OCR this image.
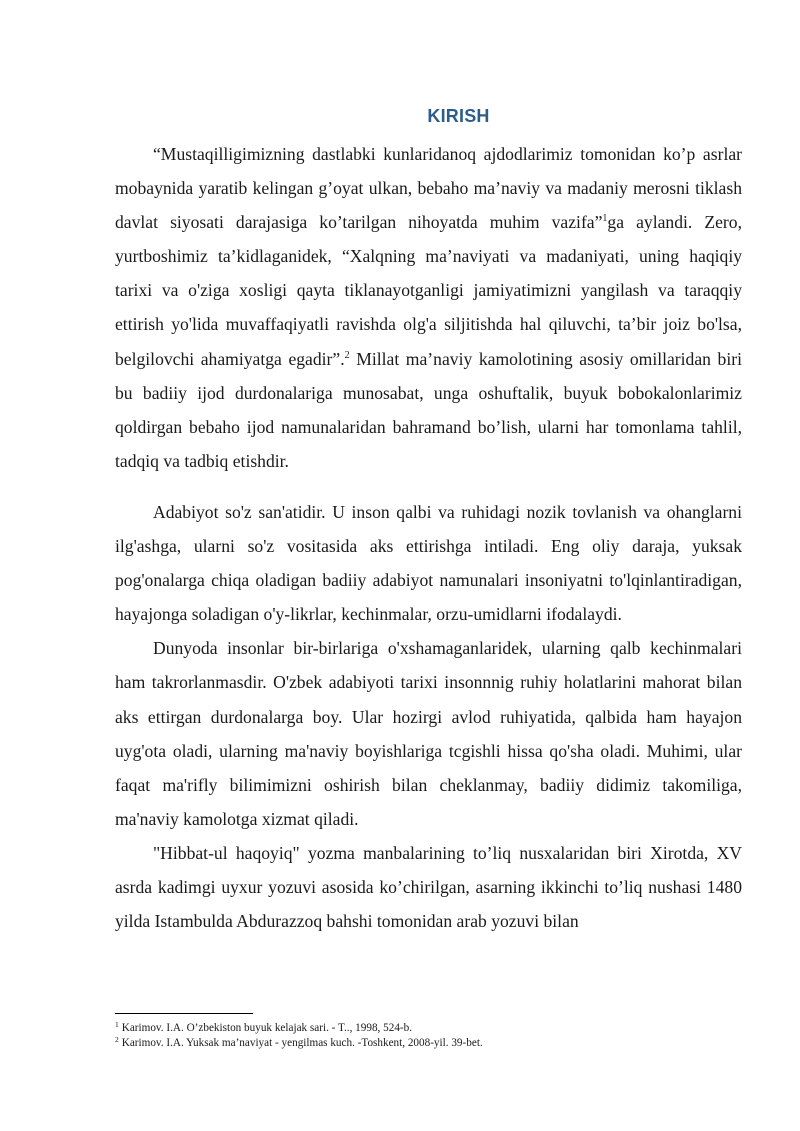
KIRISH

“Mustaqilligimizning dastlabki kunlaridanoq ajdodlarimiz tomonidan ko’p asrlar mobaynida yaratib kelingan g’oyat ulkan, bebaho ma’naviy va madaniy merosni tiklash davlat siyosati darajasiga ko’tarilgan nihoyatda muhim vazifa”$^1$ga aylandi. Zero, yurtboshimiz ta’kidlaganidek, “Xalqning ma’naviyati va madaniyati, uning haqiqiy tarixi va o'ziga xosligi qayta tiklanayotganligi jamiyatimizni yangilash va taraqqiy ettirish yo'lida muvaffaqiyatli ravishda olg'a siljitishda hal qiluvchi, ta’bir joiz bo'lsa, belgilovchi ahamiyatga egadir”.$^2$ Millat ma’naviy kamolotining asosiy omillaridan biri bu badiiy ijod durdonalariga munosabat, unga oshuftalik, buyuk bobokalonlarimiz qoldirgan bebaho ijod namunalaridan bahramand bo’lish, ularni har tomonlama tahlil, tadqiq va tadbiq etishdir.

Adabiyot so'z san'atidir. U inson qalbi va ruhidagi nozik tovlanish va ohanglarni ilg'ashga, ularni so'z vositasida aks ettirishga intiladi. Eng oliy daraja, yuksak pog'onalarga chiqa oladigan badiiy adabiyot namunalari insoniyatni to'lqinlantiradigan, hayajonga soladigan o'y-likrlar, kechinmalar, orzu-umidlarni ifodalaydi.

Dunyoda insonlar bir-birlariga o'xshamaganlaridek, ularning qalb kechinmalari ham takrorlanmasdir. O'zbek adabiyoti tarixi insonnnig ruhiy holatlarini mahorat bilan aks ettirgan durdonalarga boy. Ular hozirgi avlod ruhiyatida, qalbida ham hayajon uyg'ota oladi, ularning ma'naviy boyishlariga tcgishli hissa qo'sha oladi. Muhimi, ular faqat ma'rifly bilimimizni oshirish bilan cheklanmay, badiiy didimiz takomiliga, ma'naviy kamolotga xizmat qiladi.

"Hibbat-ul haqoyiq" yozma manbalarining to’liq nusxalaridan biri Xirotda, XV asrda kadimgi uyxur yozuvi asosida ko’chirilgan, asarning ikkinchi to’liq nushasi 1480 yilda Istambulda Abdurazzoq bahshi tomonidan arab yozuvi bilan

$^1$ Karimov. I.A. O’zbekiston buyuk kelajak sari. - T.., 1998, 524-b.
$^2$ Karimov. I.A. Yuksak ma’naviyat - yengilmas kuch. -Toshkent, 2008-yil. 39-bet.
